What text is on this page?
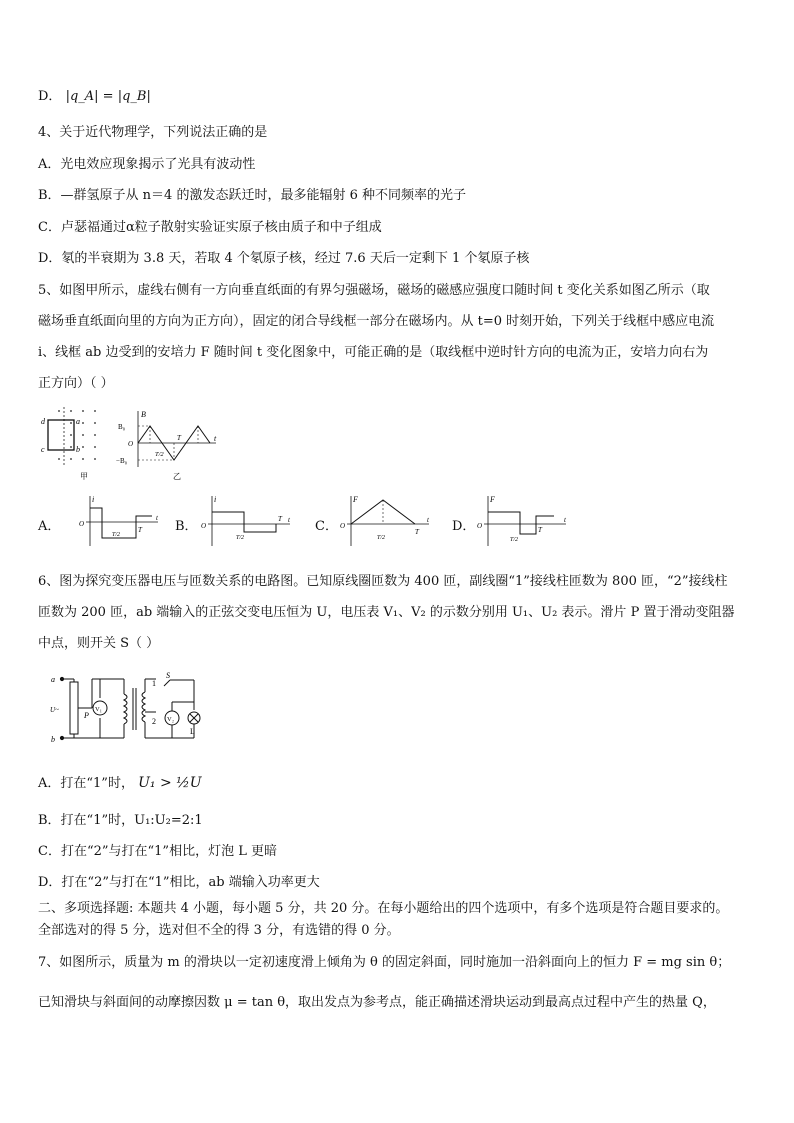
D． |q_A| = |q_B|
4、关于近代物理学，下列说法正确的是
A．光电效应现象揭示了光具有波动性
B．—群氢原子从 n＝4 的激发态跃迁时，最多能辐射 6 种不同频率的光子
C．卢瑟福通过α粒子散射实验证实原子核由质子和中子组成
D．氡的半衰期为 3.8 天，若取 4 个氡原子核，经过 7.6 天后一定剩下 1 个氡原子核
5、如图甲所示，虚线右侧有一方向垂直纸面的有界匀强磁场，磁场的磁感应强度口随时间 t 变化关系如图乙所示（取
磁场垂直纸面向里的方向为正方向），固定的闭合导线框一部分在磁场内。从 t=0 时刻开始，下列关于线框中感应电流
i、线框 ab 边受到的安培力 F 随时间 t 变化图象中，可能正确的是（取线框中逆时针方向的电流为正，安培力向右为
正方向）（ ）
d	a
c	b
甲
B
t
B₀
−B₀
O
T/2
T
乙
A．
i
O
t
T/2
T	B．
i
O
t
T/2
T	C．
F
O
t
T/2
T	D．
F
O
t
T/2
T
6、图为探究变压器电压与匝数关系的电路图。已知原线圈匝数为 400 匝，副线圈“1”接线柱匝数为 800 匝，“2”接线柱
匝数为 200 匝，ab 端输入的正弦交变电压恒为 U，电压表 V₁、V₂ 的示数分别用 U₁、U₂ 表示。滑片 P 置于滑动变阻器
中点，则开关 S（ ）
a
b
U~
P
V₁
1
2
S
V₂
L
A．打在“1”时， U₁ > ½U
B．打在“1”时，U₁:U₂=2:1
C．打在“2”与打在“1”相比，灯泡 L 更暗
D．打在“2”与打在“1”相比，ab 端输入功率更大
二、多项选择题: 本题共 4 小题，每小题 5 分，共 20 分。在每小题给出的四个选项中，有多个选项是符合题目要求的。
全部选对的得 5 分，选对但不全的得 3 分，有选错的得 0 分。
7、如图所示，质量为 m 的滑块以一定初速度滑上倾角为 θ 的固定斜面，同时施加一沿斜面向上的恒力 F = mg sin θ；
已知滑块与斜面间的动摩擦因数 μ = tan θ，取出发点为参考点，能正确描述滑块运动到最高点过程中产生的热量 Q，
